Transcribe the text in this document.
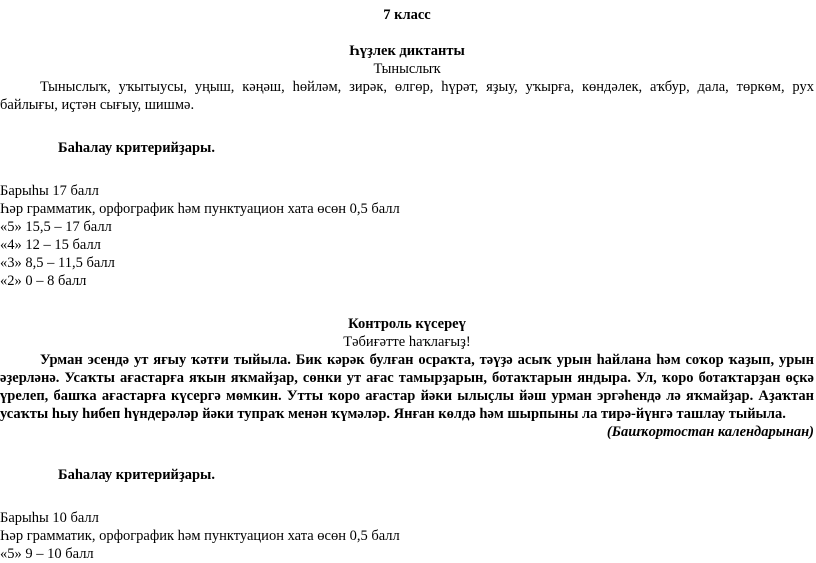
7 класс

Һүҙлек диктанты

Тыныслыҡ

Тыныслыҡ, уҡытыусы, уңыш, кәңәш, һөйләм, зирәк, өлгөр, һүрәт, яҙыу, уҡырға, көндәлек, аҡбур, дала, төркөм, рух байлығы, иҫтән сығыу, шишмә.

Баһалау критерийҙары.

Барыһы 17 балл

Һәр грамматик, орфографик һәм пунктуацион хата өсөн 0,5 балл

«5» 15,5 – 17 балл

«4» 12 – 15 балл

«3» 8,5 – 11,5 балл

«2» 0 – 8 балл

Контроль күсереү

Тәбиғәтте һаҡлағыҙ!

Урман эсендә ут яғыу ҡәтғи тыйыла. Бик кәрәк булған осраҡта, тәүҙә асыҡ урын һайлана һәм соҡор ҡаҙып, урын әҙерләнә. Усаҡты ағастарға яҡын яҡмайҙар, сөнки ут ағас тамырҙарын, ботаҡтарын яндыра. Ул, ҡоро ботаҡтарҙан өҫкә үрелеп, башҡа ағастарға күсергә мөмкин. Утты ҡоро ағастар йәки ылыҫлы йәш урман эргәһендә лә яҡмайҙар. Аҙаҡтан усаҡты һыу һибеп һүндерәләр йәки тупраҡ менән ҡүмәләр. Янған көлдә һәм шырпыны ла тирә-йүнгә ташлау тыйыла.

(Башҡортостан календарынан)

Баһалау критерийҙары.

Барыһы 10 балл

Һәр грамматик, орфографик һәм пунктуацион хата өсөн 0,5 балл

«5» 9 – 10 балл
